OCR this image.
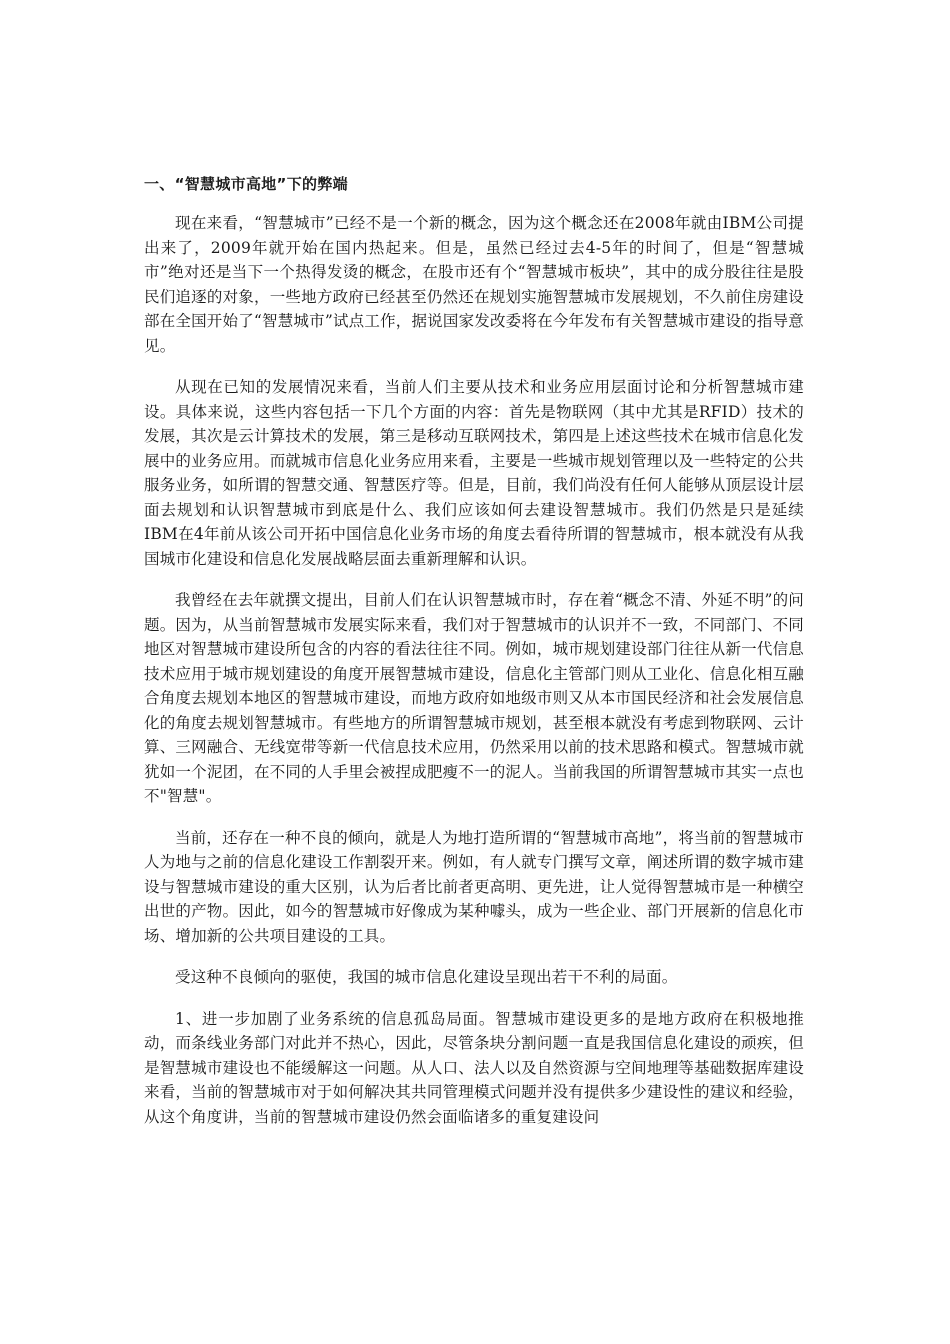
一、“智慧城市高地”下的弊端

现在来看，“智慧城市”已经不是一个新的概念，因为这个概念还在2008年就由IBM公司提出来了，2009年就开始在国内热起来。但是，虽然已经过去4-5年的时间了，但是“智慧城市”绝对还是当下一个热得发烫的概念，在股市还有个“智慧城市板块”，其中的成分股往往是股民们追逐的对象，一些地方政府已经甚至仍然还在规划实施智慧城市发展规划，不久前住房建设部在全国开始了“智慧城市”试点工作，据说国家发改委将在今年发布有关智慧城市建设的指导意见。

从现在已知的发展情况来看，当前人们主要从技术和业务应用层面讨论和分析智慧城市建设。具体来说，这些内容包括一下几个方面的内容：首先是物联网（其中尤其是RFID）技术的发展，其次是云计算技术的发展，第三是移动互联网技术，第四是上述这些技术在城市信息化发展中的业务应用。而就城市信息化业务应用来看，主要是一些城市规划管理以及一些特定的公共服务业务，如所谓的智慧交通、智慧医疗等。但是，目前，我们尚没有任何人能够从顶层设计层面去规划和认识智慧城市到底是什么、我们应该如何去建设智慧城市。我们仍然是只是延续IBM在4年前从该公司开拓中国信息化业务市场的角度去看待所谓的智慧城市，根本就没有从我国城市化建设和信息化发展战略层面去重新理解和认识。

我曾经在去年就撰文提出，目前人们在认识智慧城市时，存在着“概念不清、外延不明”的问题。因为，从当前智慧城市发展实际来看，我们对于智慧城市的认识并不一致，不同部门、不同地区对智慧城市建设所包含的内容的看法往往不同。例如，城市规划建设部门往往从新一代信息技术应用于城市规划建设的角度开展智慧城市建设，信息化主管部门则从工业化、信息化相互融合角度去规划本地区的智慧城市建设，而地方政府如地级市则又从本市国民经济和社会发展信息化的角度去规划智慧城市。有些地方的所谓智慧城市规划，甚至根本就没有考虑到物联网、云计算、三网融合、无线宽带等新一代信息技术应用，仍然采用以前的技术思路和模式。智慧城市就犹如一个泥团，在不同的人手里会被捏成肥瘦不一的泥人。当前我国的所谓智慧城市其实一点也不"智慧"。

当前，还存在一种不良的倾向，就是人为地打造所谓的“智慧城市高地”，将当前的智慧城市人为地与之前的信息化建设工作割裂开来。例如，有人就专门撰写文章，阐述所谓的数字城市建设与智慧城市建设的重大区别，认为后者比前者更高明、更先进，让人觉得智慧城市是一种横空出世的产物。因此，如今的智慧城市好像成为某种噱头，成为一些企业、部门开展新的信息化市场、增加新的公共项目建设的工具。

受这种不良倾向的驱使，我国的城市信息化建设呈现出若干不利的局面。

1、进一步加剧了业务系统的信息孤岛局面。智慧城市建设更多的是地方政府在积极地推动，而条线业务部门对此并不热心，因此，尽管条块分割问题一直是我国信息化建设的顽疾，但是智慧城市建设也不能缓解这一问题。从人口、法人以及自然资源与空间地理等基础数据库建设来看，当前的智慧城市对于如何解决其共同管理模式问题并没有提供多少建设性的建议和经验，从这个角度讲，当前的智慧城市建设仍然会面临诸多的重复建设问
